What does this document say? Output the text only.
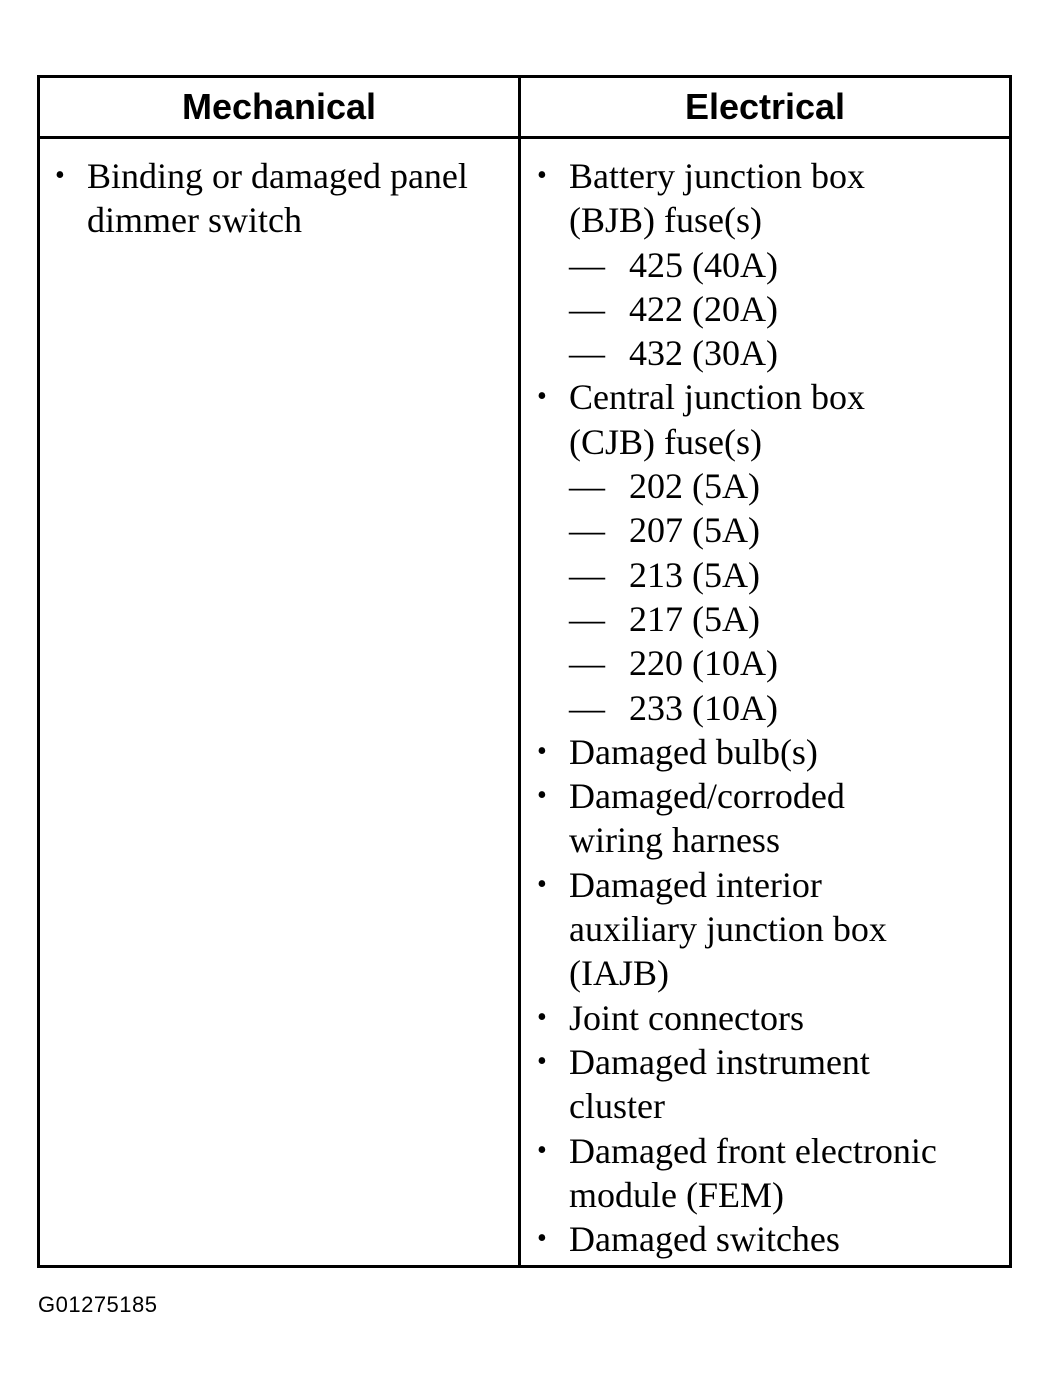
Mechanical	Electrical
• Binding or damaged panel dimmer switch
• Battery junction box (BJB) fuse(s)
— 425 (40A)
— 422 (20A)
— 432 (30A)
• Central junction box (CJB) fuse(s)
— 202 (5A)
— 207 (5A)
— 213 (5A)
— 217 (5A)
— 220 (10A)
— 233 (10A)
• Damaged bulb(s)
• Damaged/corroded wiring harness
• Damaged interior auxiliary junction box (IAJB)
• Joint connectors
• Damaged instrument cluster
• Damaged front electronic module (FEM)
• Damaged switches
G01275185
